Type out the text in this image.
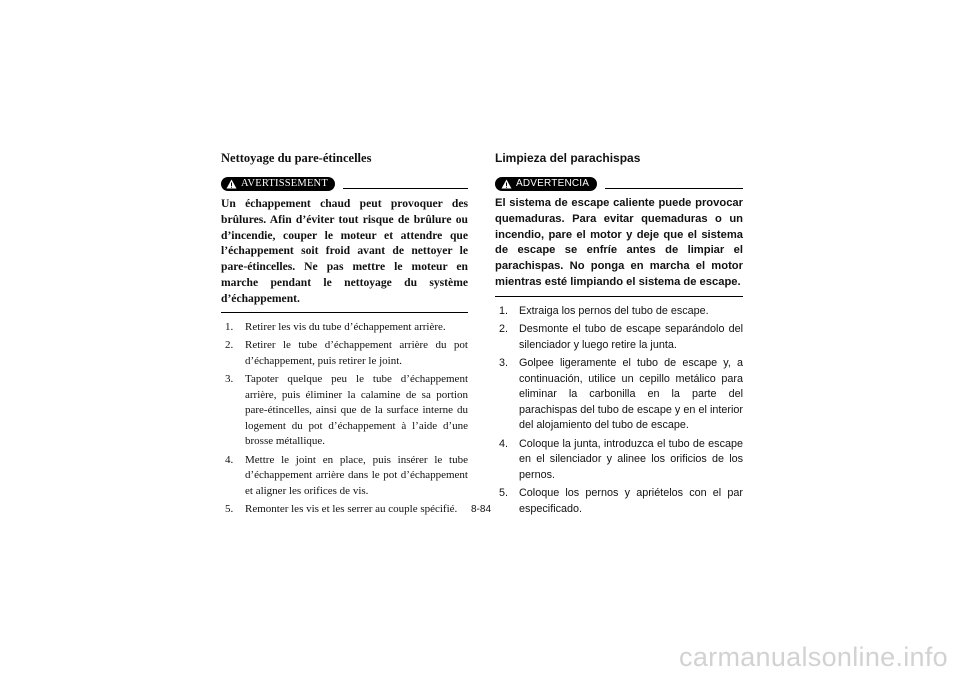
Nettoyage du pare-étincelles
AVERTISSEMENT

Un échappement chaud peut provoquer des brûlures. Afin d’éviter tout risque de brûlure ou d’incendie, couper le moteur et attendre que l’échappement soit froid avant de nettoyer le pare-étincelles. Ne pas mettre le moteur en marche pendant le nettoyage du système d’échappement.

1.	Retirer les vis du tube d’échappement arrière.
2.	Retirer le tube d’échappement arrière du pot d’échappement, puis retirer le joint.
3.	Tapoter quelque peu le tube d’échappement arrière, puis éliminer la calamine de sa portion pare-étincelles, ainsi que de la surface interne du logement du pot d’échappement à l’aide d’une brosse métallique.
4.	Mettre le joint en place, puis insérer le tube d’échappement arrière dans le pot d’échappement et aligner les orifices de vis.
5.	Remonter les vis et les serrer au couple spécifié.
Limpieza del parachispas
ADVERTENCIA

El sistema de escape caliente puede provocar quemaduras. Para evitar quemaduras o un incendio, pare el motor y deje que el sistema de escape se enfríe antes de limpiar el parachispas. No ponga en marcha el motor mientras esté limpiando el sistema de escape.

1.	Extraiga los pernos del tubo de escape.
2.	Desmonte el tubo de escape separándolo del silenciador y luego retire la junta.
3.	Golpee ligeramente el tubo de escape y, a continuación, utilice un cepillo metálico para eliminar la carbonilla en la parte del parachispas del tubo de escape y en el interior del alojamiento del tubo de escape.
4.	Coloque la junta, introduzca el tubo de escape en el silenciador y alinee los orificios de los pernos.
5.	Coloque los pernos y apriételos con el par especificado.
8-84
carmanualsonline.info
